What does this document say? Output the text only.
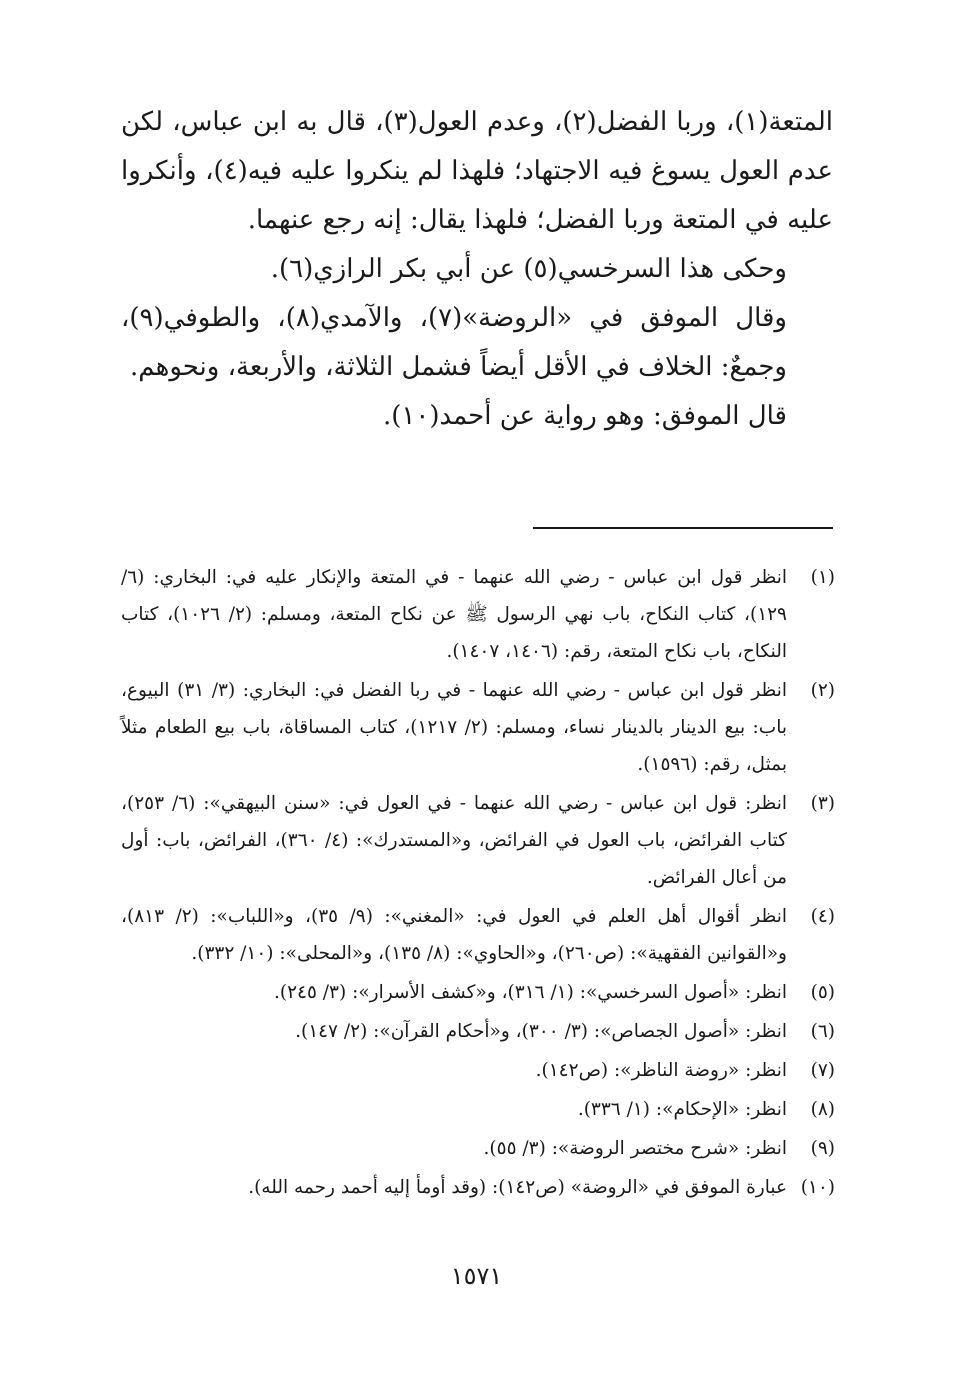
المتعة(١)، وربا الفضل(٢)، وعدم العول(٣)، قال به ابن عباس، لكن عدم العول يسوغ فيه الاجتهاد؛ فلهذا لم ينكروا عليه فيه(٤)، وأنكروا عليه في المتعة وربا الفضل؛ فلهذا يقال: إنه رجع عنهما.

وحكى هذا السرخسي(٥) عن أبي بكر الرازي(٦).

وقال الموفق في «الروضة»(٧)، والآمدي(٨)، والطوفي(٩)، وجمعٌ: الخلاف في الأقل أيضاً فشمل الثلاثة، والأربعة، ونحوهم.

قال الموفق: وهو رواية عن أحمد(١٠).

(١)
انظر قول ابن عباس - رضي الله عنهما - في المتعة والإنكار عليه في: البخاري: (٦/ ١٢٩)، كتاب النكاح، باب نهي الرسول ﷺ عن نكاح المتعة، ومسلم: (٢/ ١٠٢٦)، كتاب النكاح، باب نكاح المتعة، رقم: (١٤٠٦، ١٤٠٧).
(٢)
انظر قول ابن عباس - رضي الله عنهما - في ربا الفضل في: البخاري: (٣/ ٣١) البيوع، باب: بيع الدينار بالدينار نساء، ومسلم: (٢/ ١٢١٧)، كتاب المساقاة، باب بيع الطعام مثلاً بمثل، رقم: (١٥٩٦).
(٣)
انظر: قول ابن عباس - رضي الله عنهما - في العول في: «سنن البيهقي»: (٦/ ٢٥٣)، كتاب الفرائض، باب العول في الفرائض، و«المستدرك»: (٤/ ٣٦٠)، الفرائض، باب: أول من أعال الفرائض.
(٤)
انظر أقوال أهل العلم في العول في: «المغني»: (٩/ ٣٥)، و«اللباب»: (٢/ ٨١٣)، و«القوانين الفقهية»: (ص٢٦٠)، و«الحاوي»: (٨/ ١٣٥)، و«المحلى»: (١٠/ ٣٣٢).
(٥)
انظر: «أصول السرخسي»: (١/ ٣١٦)، و«كشف الأسرار»: (٣/ ٢٤٥).
(٦)
انظر: «أصول الجصاص»: (٣/ ٣٠٠)، و«أحكام القرآن»: (٢/ ١٤٧).
(٧)
انظر: «روضة الناظر»: (ص١٤٢).
(٨)
انظر: «الإحكام»: (١/ ٣٣٦).
(٩)
انظر: «شرح مختصر الروضة»: (٣/ ٥٥).
(١٠)
عبارة الموفق في «الروضة» (ص١٤٢): (وقد أومأ إليه أحمد رحمه الله).
١٥٧١
